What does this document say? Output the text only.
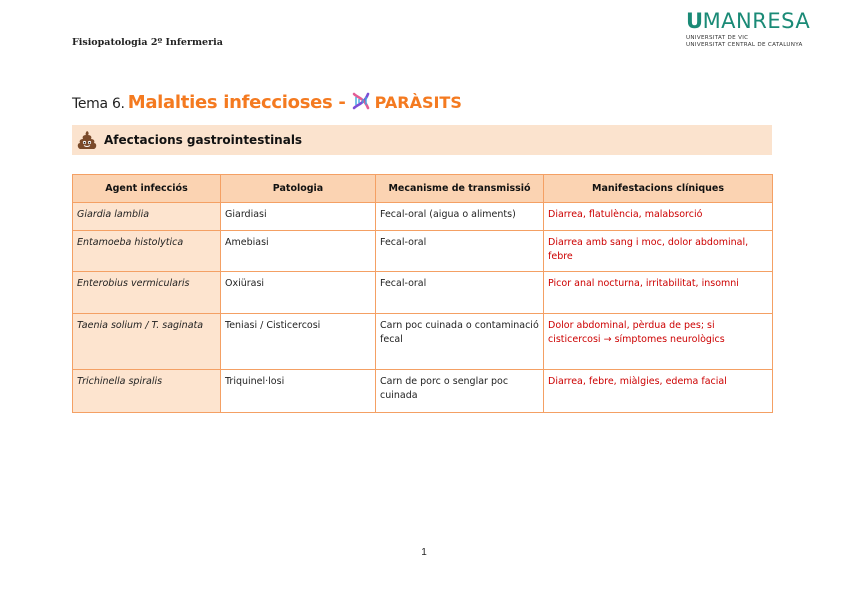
Fisiopatologia 2º Infermeria
U MANRESA
UNIVERSITAT DE VIC
UNIVERSITAT CENTRAL DE CATALUNYA
Tema 6. Malalties infeccioses - PARÀSITS
Afectacions gastrointestinals
Agent infecciós	Patologia	Mecanisme de transmissió	Manifestacions clíniques
Giardia lamblia	Giardiasi	Fecal-oral (aigua o aliments)	Diarrea, flatulència, malabsorció
Entamoeba histolytica	Amebiasi	Fecal-oral	Diarrea amb sang i moc, dolor abdominal, febre
Enterobius vermicularis	Oxiürasi	Fecal-oral	Picor anal nocturna, irritabilitat, insomni
Taenia solium / T. saginata	Teniasi / Cisticercosi	Carn poc cuinada o contaminació fecal	Dolor abdominal, pèrdua de pes; si cisticercosi → símptomes neurològics
Trichinella spiralis	Triquinel·losi	Carn de porc o senglar poc cuinada	Diarrea, febre, miàlgies, edema facial
1
